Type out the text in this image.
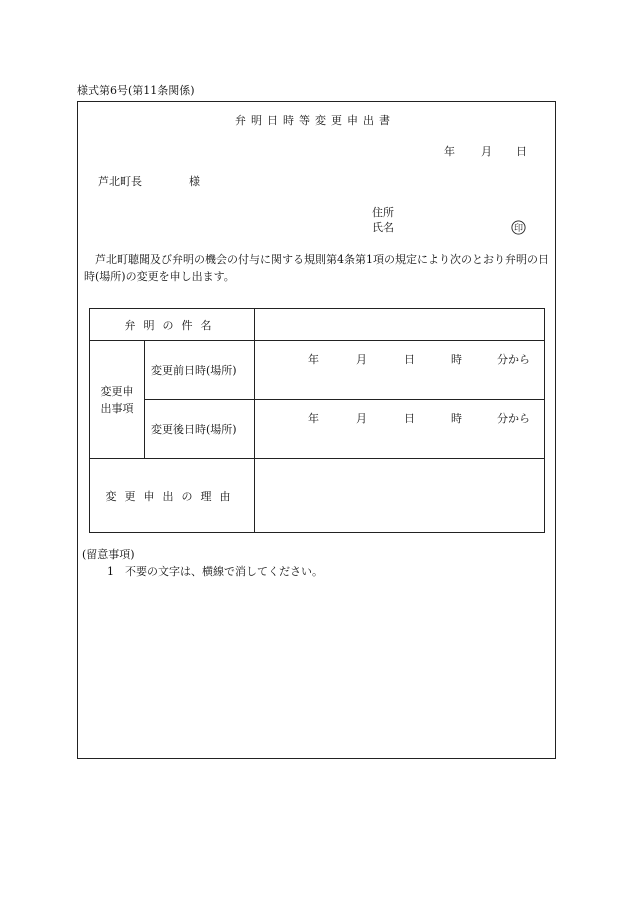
様式第6号(第11条関係)
弁明日時等変更申出書
年 月 日
芦北町長	様
住所
氏名	印
芦北町聴聞及び弁明の機会の付与に関する規則第4条第1項の規定により次のとおり弁明の日時(場所)の変更を申し出ます。
弁明の件名		

変更申出事項	変更前日時(場所)	年 月 日 時 分から

	変更後日時(場所)	年 月 日 時 分から

変更申出の理由		
(留意事項)
1　不要の文字は、横線で消してください。
